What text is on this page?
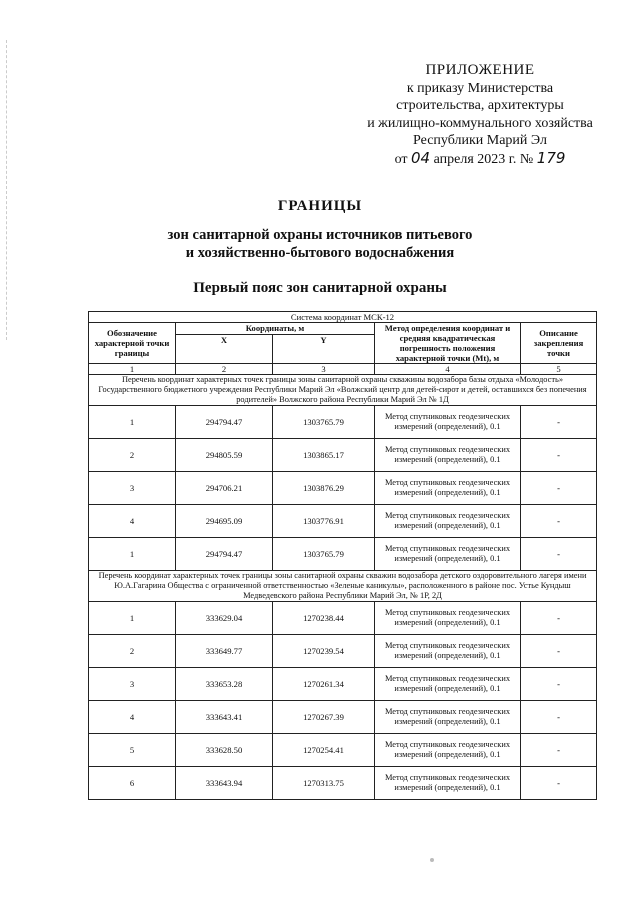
ПРИЛОЖЕНИЕ
к приказу Министерства
строительства, архитектуры
и жилищно-коммунального хозяйства
Республики Марий Эл
от 04 апреля 2023 г. № 179
ГРАНИЦЫ
зон санитарной охраны источников питьевого
и хозяйственно-бытового водоснабжения
Первый пояс зон санитарной охраны
Система координат МСК-12				
Обозначение характерной точки границы	Координаты, м		Метод определения координат и средняя квадратическая погрешность положения характерной точки (Mt), м	Описание закрепления точки
	X	Y		
1	2	3	4	5
Перечень координат характерных точек границы зоны санитарной охраны скважины водозабора базы отдыха «Молодость» Государственного бюджетного учреждения Республики Марий Эл «Волжский центр для детей-сирот и детей, оставшихся без попечения родителей» Волжского района Республики Марий Эл № 1Д				
1	294794.47	1303765.79	Метод спутниковых геодезических измерений (определений), 0.1	-
2	294805.59	1303865.17	Метод спутниковых геодезических измерений (определений), 0.1	-
3	294706.21	1303876.29	Метод спутниковых геодезических измерений (определений), 0.1	-
4	294695.09	1303776.91	Метод спутниковых геодезических измерений (определений), 0.1	-
1	294794.47	1303765.79	Метод спутниковых геодезических измерений (определений), 0.1	-
Перечень координат характерных точек границы зоны санитарной охраны скважин водозабора детского оздоровительного лагеря имени Ю.А.Гагарина Общества с ограниченной ответственностью «Зеленые каникулы», расположенного в районе пос. Устье Кундыш Медведевского района Республики Марий Эл, № 1Р, 2Д				
1	333629.04	1270238.44	Метод спутниковых геодезических измерений (определений), 0.1	-
2	333649.77	1270239.54	Метод спутниковых геодезических измерений (определений), 0.1	-
3	333653.28	1270261.34	Метод спутниковых геодезических измерений (определений), 0.1	-
4	333643.41	1270267.39	Метод спутниковых геодезических измерений (определений), 0.1	-
5	333628.50	1270254.41	Метод спутниковых геодезических измерений (определений), 0.1	-
6	333643.94	1270313.75	Метод спутниковых геодезических измерений (определений), 0.1	-
